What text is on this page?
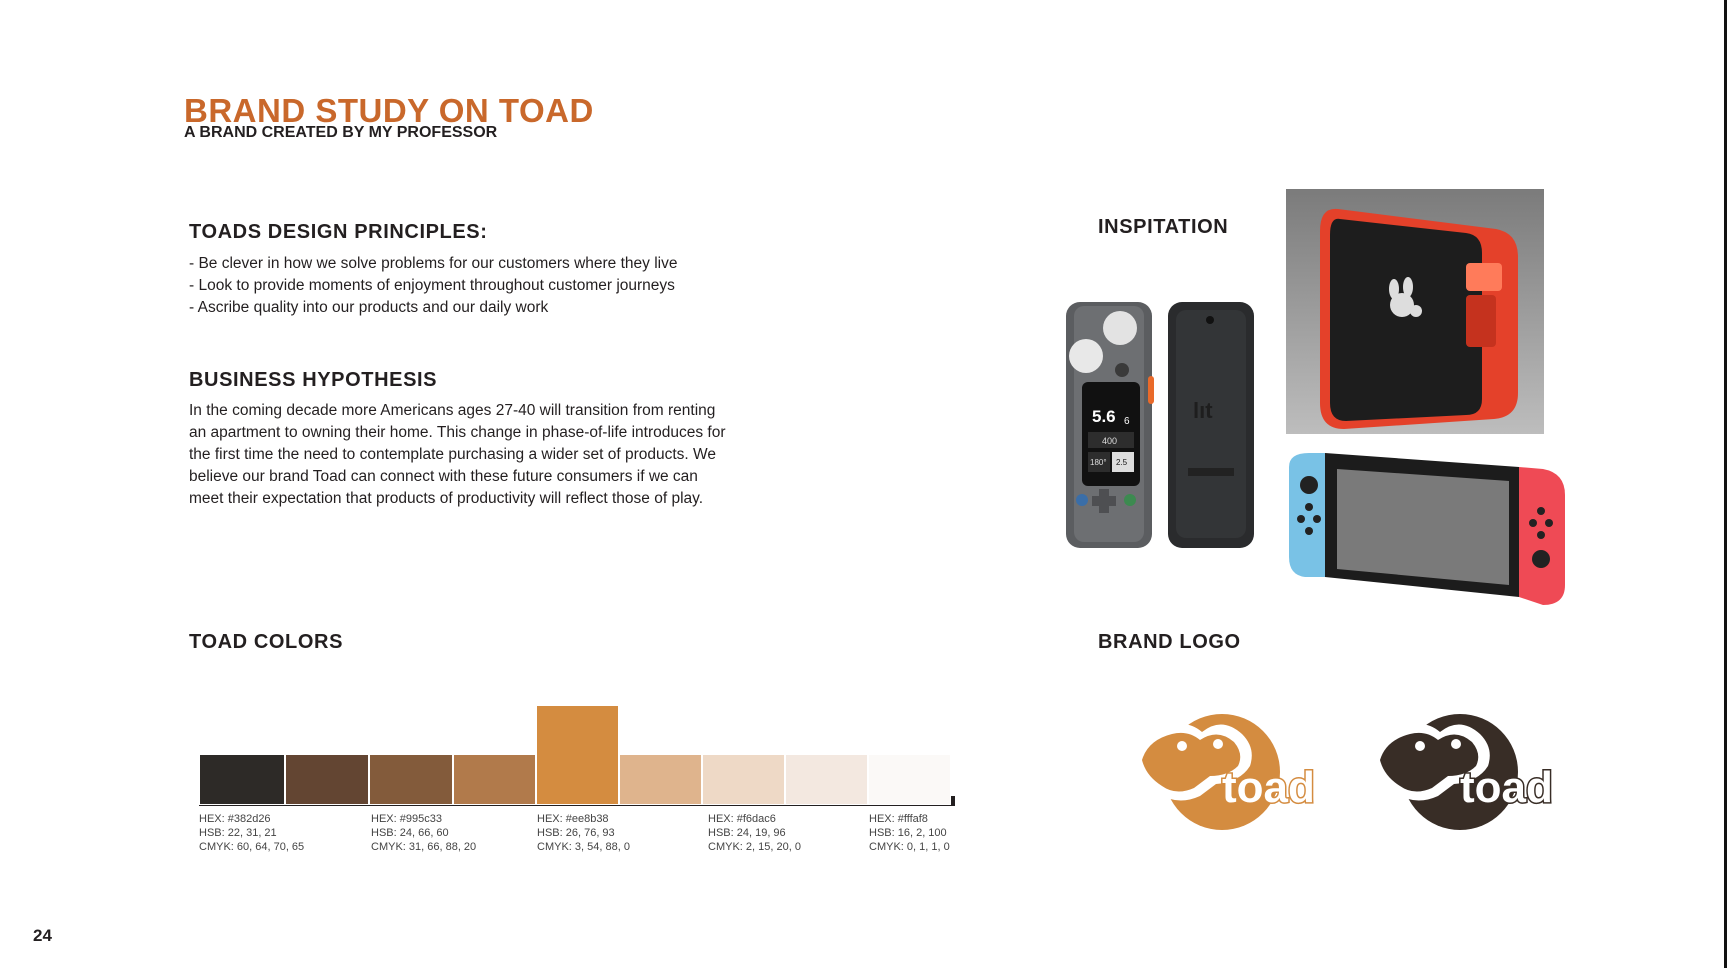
BRAND STUDY ON TOAD
A BRAND CREATED BY MY PROFESSOR
TOADS DESIGN PRINCIPLES:
- Be clever in how we solve problems for our customers where they live
- Look to provide moments of enjoyment throughout customer journeys
- Ascribe quality into our products and our daily work
BUSINESS HYPOTHESIS
In the coming decade more Americans ages 27-40 will transition from renting an apartment to owning their home. This change in phase-of-life introduces for the first time the need to contemplate purchasing a wider set of products. We believe our brand Toad can connect with these future consumers if we can meet their expectation that products of productivity will reflect those of play.
INSPITATION
5.6 6
400
180° 2.5
lıt
TOAD COLORS
HEX: #382d26
HSB: 22, 31, 21
CMYK: 60, 64, 70, 65
HEX: #995c33
HSB: 24, 66, 60
CMYK: 31, 66, 88, 20
HEX: #ee8b38
HSB: 26, 76, 93
CMYK: 3, 54, 88, 0
HEX: #f6dac6
HSB: 24, 19, 96
CMYK: 2, 15, 20, 0
HEX: #fffaf8
HSB: 16, 2, 100
CMYK: 0, 1, 1, 0
BRAND LOGO
toad	toad
24
